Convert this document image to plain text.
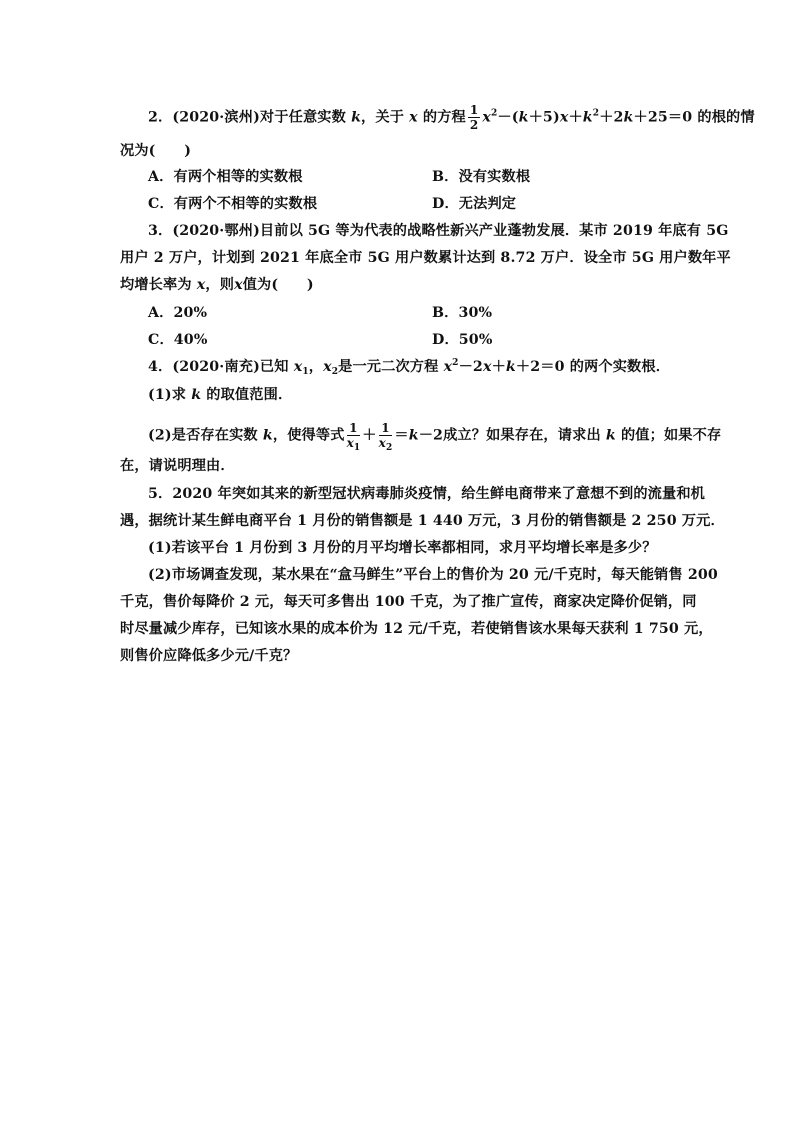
2．(2020·滨州)对于任意实数 k，关于 x 的方程 $\frac{1}{2} x^2-(k+5)x+k^2+2k+25=0$ 的根的情
况为(　　)
A．有两个相等的实数根	B．没有实数根
C．有两个不相等的实数根	D．无法判定
3．(2020·鄂州)目前以 5G 等为代表的战略性新兴产业蓬勃发展．某市 2019 年底有 5G
用户 2 万户，计划到 2021 年底全市 5G 用户数累计达到 8.72 万户．设全市 5G 用户数年平
均增长率为 x，则x值为(　　)
A．20%	B．30%
C．40%	D．50%
4．(2020·南充)已知 $x_1$，$x_2$是一元二次方程 $x^2-2x+k+2=0$ 的两个实数根．
(1)求 k 的取值范围．
(2)是否存在实数 k，使得等式 $\frac{1}{x_1} + \frac{1}{x_2} =k-2$成立？如果存在，请求出 k 的值；如果不存
在，请说明理由．
5．2020 年突如其来的新型冠状病毒肺炎疫情，给生鲜电商带来了意想不到的流量和机
遇，据统计某生鲜电商平台 1 月份的销售额是 1 440 万元，3 月份的销售额是 2 250 万元．
(1)若该平台 1 月份到 3 月份的月平均增长率都相同，求月平均增长率是多少？
(2)市场调查发现，某水果在“盒马鲜生”平台上的售价为 20 元/千克时，每天能销售 200
千克，售价每降价 2 元，每天可多售出 100 千克，为了推广宣传，商家决定降价促销，同
时尽量减少库存，已知该水果的成本价为 12 元/千克，若使销售该水果每天获利 1 750 元，
则售价应降低多少元/千克？
